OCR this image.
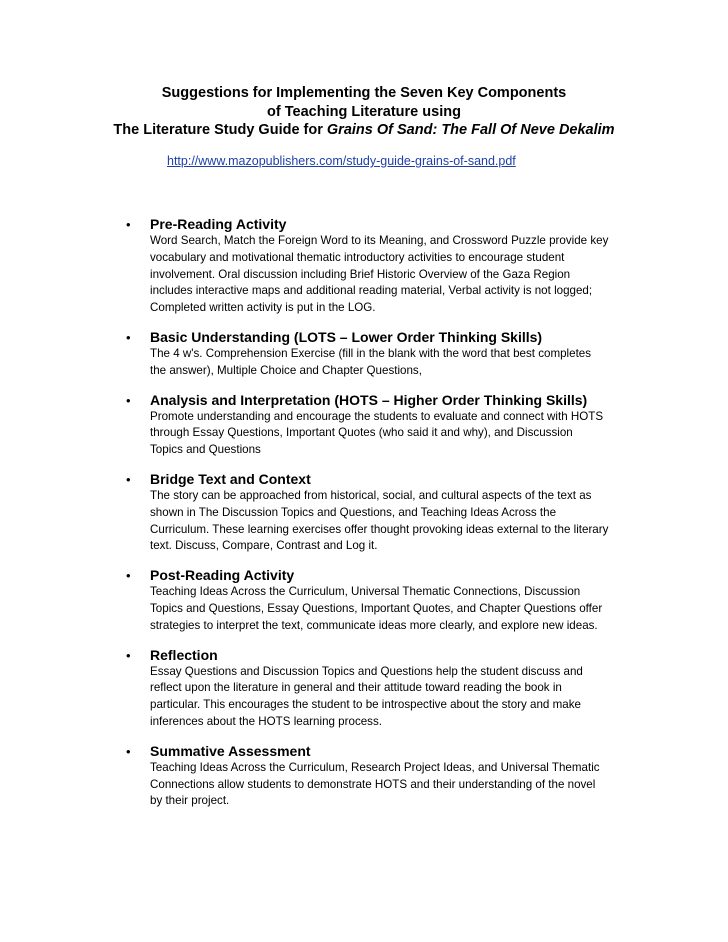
Suggestions for Implementing the Seven Key Components
of Teaching Literature using
The Literature Study Guide for Grains Of Sand: The Fall Of Neve Dekalim
http://www.mazopublishers.com/study-guide-grains-of-sand.pdf
• Pre-Reading Activity
Word Search, Match the Foreign Word to its Meaning, and Crossword Puzzle provide key
vocabulary and motivational thematic introductory activities to encourage student
involvement. Oral discussion including Brief Historic Overview of the Gaza Region
includes interactive maps and additional reading material, Verbal activity is not logged;
Completed written activity is put in the LOG.
• Basic Understanding (LOTS – Lower Order Thinking Skills)
The 4 w's. Comprehension Exercise (fill in the blank with the word that best completes
the answer), Multiple Choice and Chapter Questions,
• Analysis and Interpretation (HOTS – Higher Order Thinking Skills)
Promote understanding and encourage the students to evaluate and connect with HOTS
through Essay Questions, Important Quotes (who said it and why), and Discussion
Topics and Questions
• Bridge Text and Context
The story can be approached from historical, social, and cultural aspects of the text as
shown in The Discussion Topics and Questions, and Teaching Ideas Across the
Curriculum. These learning exercises offer thought provoking ideas external to the literary
text. Discuss, Compare, Contrast and Log it.
• Post-Reading Activity
Teaching Ideas Across the Curriculum, Universal Thematic Connections, Discussion
Topics and Questions, Essay Questions, Important Quotes, and Chapter Questions offer
strategies to interpret the text, communicate ideas more clearly, and explore new ideas.
• Reflection
Essay Questions and Discussion Topics and Questions help the student discuss and
reflect upon the literature in general and their attitude toward reading the book in
particular. This encourages the student to be introspective about the story and make
inferences about the HOTS learning process.
• Summative Assessment
Teaching Ideas Across the Curriculum, Research Project Ideas, and Universal Thematic
Connections allow students to demonstrate HOTS and their understanding of the novel
by their project.
